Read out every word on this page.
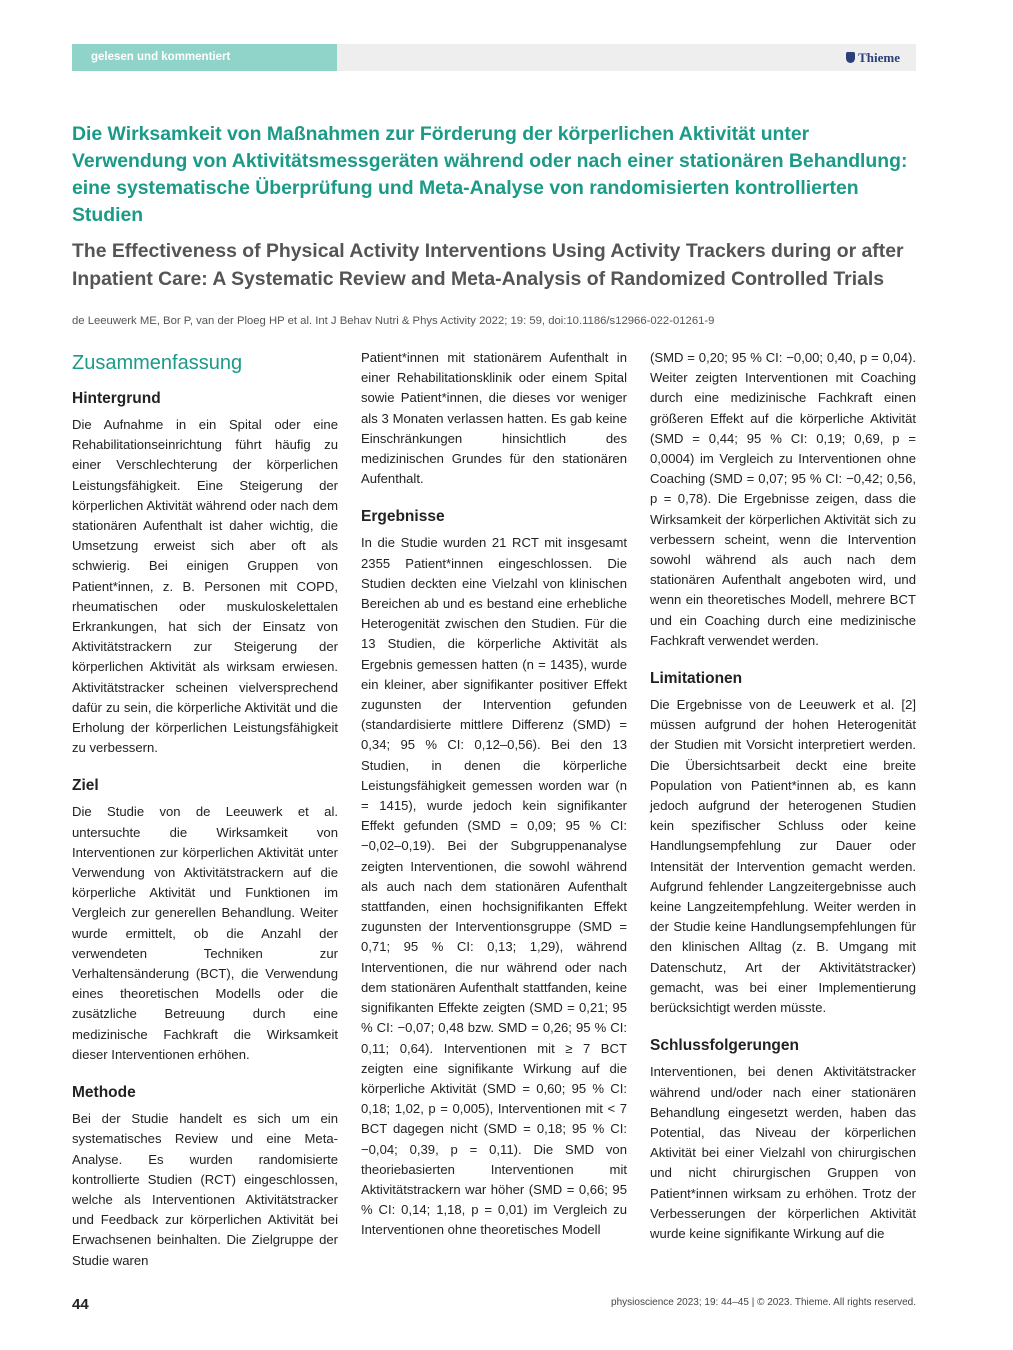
gelesen und kommentiert	Thieme
Die Wirksamkeit von Maßnahmen zur Förderung der körperlichen Aktivität unter Verwendung von Aktivitätsmessgeräten während oder nach einer stationären Behandlung: eine systematische Überprüfung und Meta-Analyse von randomisierten kontrollierten Studien
The Effectiveness of Physical Activity Interventions Using Activity Trackers during or after Inpatient Care: A Systematic Review and Meta-Analysis of Randomized Controlled Trials
de Leeuwerk ME, Bor P, van der Ploeg HP et al. Int J Behav Nutri & Phys Activity 2022; 19: 59, doi:10.1186/s12966-022-01261-9
Zusammenfassung
Hintergrund
Die Aufnahme in ein Spital oder eine Rehabilitationseinrichtung führt häufig zu einer Verschlechterung der körperlichen Leistungsfähigkeit. Eine Steigerung der körperlichen Aktivität während oder nach dem stationären Aufenthalt ist daher wichtig, die Umsetzung erweist sich aber oft als schwierig. Bei einigen Gruppen von Patient*innen, z. B. Personen mit COPD, rheumatischen oder muskuloskelettalen Erkrankungen, hat sich der Einsatz von Aktivitätstrackern zur Steigerung der körperlichen Aktivität als wirksam erwiesen. Aktivitätstracker scheinen vielversprechend dafür zu sein, die körperliche Aktivität und die Erholung der körperlichen Leistungsfähigkeit zu verbessern.
Ziel
Die Studie von de Leeuwerk et al. untersuchte die Wirksamkeit von Interventionen zur körperlichen Aktivität unter Verwendung von Aktivitätstrackern auf die körperliche Aktivität und Funktionen im Vergleich zur generellen Behandlung. Weiter wurde ermittelt, ob die Anzahl der verwendeten Techniken zur Verhaltensänderung (BCT), die Verwendung eines theoretischen Modells oder die zusätzliche Betreuung durch eine medizinische Fachkraft die Wirksamkeit dieser Interventionen erhöhen.
Methode
Bei der Studie handelt es sich um ein systematisches Review und eine Meta-Analyse. Es wurden randomisierte kontrollierte Studien (RCT) eingeschlossen, welche als Interventionen Aktivitätstracker und Feedback zur körperlichen Aktivität bei Erwachsenen beinhalten. Die Zielgruppe der Studie waren
Patient*innen mit stationärem Aufenthalt in einer Rehabilitationsklinik oder einem Spital sowie Patient*innen, die dieses vor weniger als 3 Monaten verlassen hatten. Es gab keine Einschränkungen hinsichtlich des medizinischen Grundes für den stationären Aufenthalt.
Ergebnisse
In die Studie wurden 21 RCT mit insgesamt 2355 Patient*innen eingeschlossen. Die Studien deckten eine Vielzahl von klinischen Bereichen ab und es bestand eine erhebliche Heterogenität zwischen den Studien. Für die 13 Studien, die körperliche Aktivität als Ergebnis gemessen hatten (n = 1435), wurde ein kleiner, aber signifikanter positiver Effekt zugunsten der Intervention gefunden (standardisierte mittlere Differenz (SMD) = 0,34; 95 % CI: 0,12–0,56). Bei den 13 Studien, in denen die körperliche Leistungsfähigkeit gemessen worden war (n = 1415), wurde jedoch kein signifikanter Effekt gefunden (SMD = 0,09; 95 % CI: −0,02–0,19). Bei der Subgruppenanalyse zeigten Interventionen, die sowohl während als auch nach dem stationären Aufenthalt stattfanden, einen hochsignifikanten Effekt zugunsten der Interventionsgruppe (SMD = 0,71; 95 % CI: 0,13; 1,29), während Interventionen, die nur während oder nach dem stationären Aufenthalt stattfanden, keine signifikanten Effekte zeigten (SMD = 0,21; 95 % CI: −0,07; 0,48 bzw. SMD = 0,26; 95 % CI: 0,11; 0,64). Interventionen mit ≥ 7 BCT zeigten eine signifikante Wirkung auf die körperliche Aktivität (SMD = 0,60; 95 % CI: 0,18; 1,02, p = 0,005), Interventionen mit < 7 BCT dagegen nicht (SMD = 0,18; 95 % CI: −0,04; 0,39, p = 0,11). Die SMD von theoriebasierten Interventionen mit Aktivitätstrackern war höher (SMD = 0,66; 95 % CI: 0,14; 1,18, p = 0,01) im Vergleich zu Interventionen ohne theoretisches Modell
(SMD = 0,20; 95 % CI: −0,00; 0,40, p = 0,04). Weiter zeigten Interventionen mit Coaching durch eine medizinische Fachkraft einen größeren Effekt auf die körperliche Aktivität (SMD = 0,44; 95 % CI: 0,19; 0,69, p = 0,0004) im Vergleich zu Interventionen ohne Coaching (SMD = 0,07; 95 % CI: −0,42; 0,56, p = 0,78). Die Ergebnisse zeigen, dass die Wirksamkeit der körperlichen Aktivität sich zu verbessern scheint, wenn die Intervention sowohl während als auch nach dem stationären Aufenthalt angeboten wird, und wenn ein theoretisches Modell, mehrere BCT und ein Coaching durch eine medizinische Fachkraft verwendet werden.
Limitationen
Die Ergebnisse von de Leeuwerk et al. [2] müssen aufgrund der hohen Heterogenität der Studien mit Vorsicht interpretiert werden. Die Übersichtsarbeit deckt eine breite Population von Patient*innen ab, es kann jedoch aufgrund der heterogenen Studien kein spezifischer Schluss oder keine Handlungsempfehlung zur Dauer oder Intensität der Intervention gemacht werden. Aufgrund fehlender Langzeitergebnisse auch keine Langzeitempfehlung. Weiter werden in der Studie keine Handlungsempfehlungen für den klinischen Alltag (z. B. Umgang mit Datenschutz, Art der Aktivitätstracker) gemacht, was bei einer Implementierung berücksichtigt werden müsste.
Schlussfolgerungen
Interventionen, bei denen Aktivitätstracker während und/oder nach einer stationären Behandlung eingesetzt werden, haben das Potential, das Niveau der körperlichen Aktivität bei einer Vielzahl von chirurgischen und nicht chirurgischen Gruppen von Patient*innen wirksam zu erhöhen. Trotz der Verbesserungen der körperlichen Aktivität wurde keine signifikante Wirkung auf die
44	physioscience 2023; 19: 44–45 | © 2023. Thieme. All rights reserved.
